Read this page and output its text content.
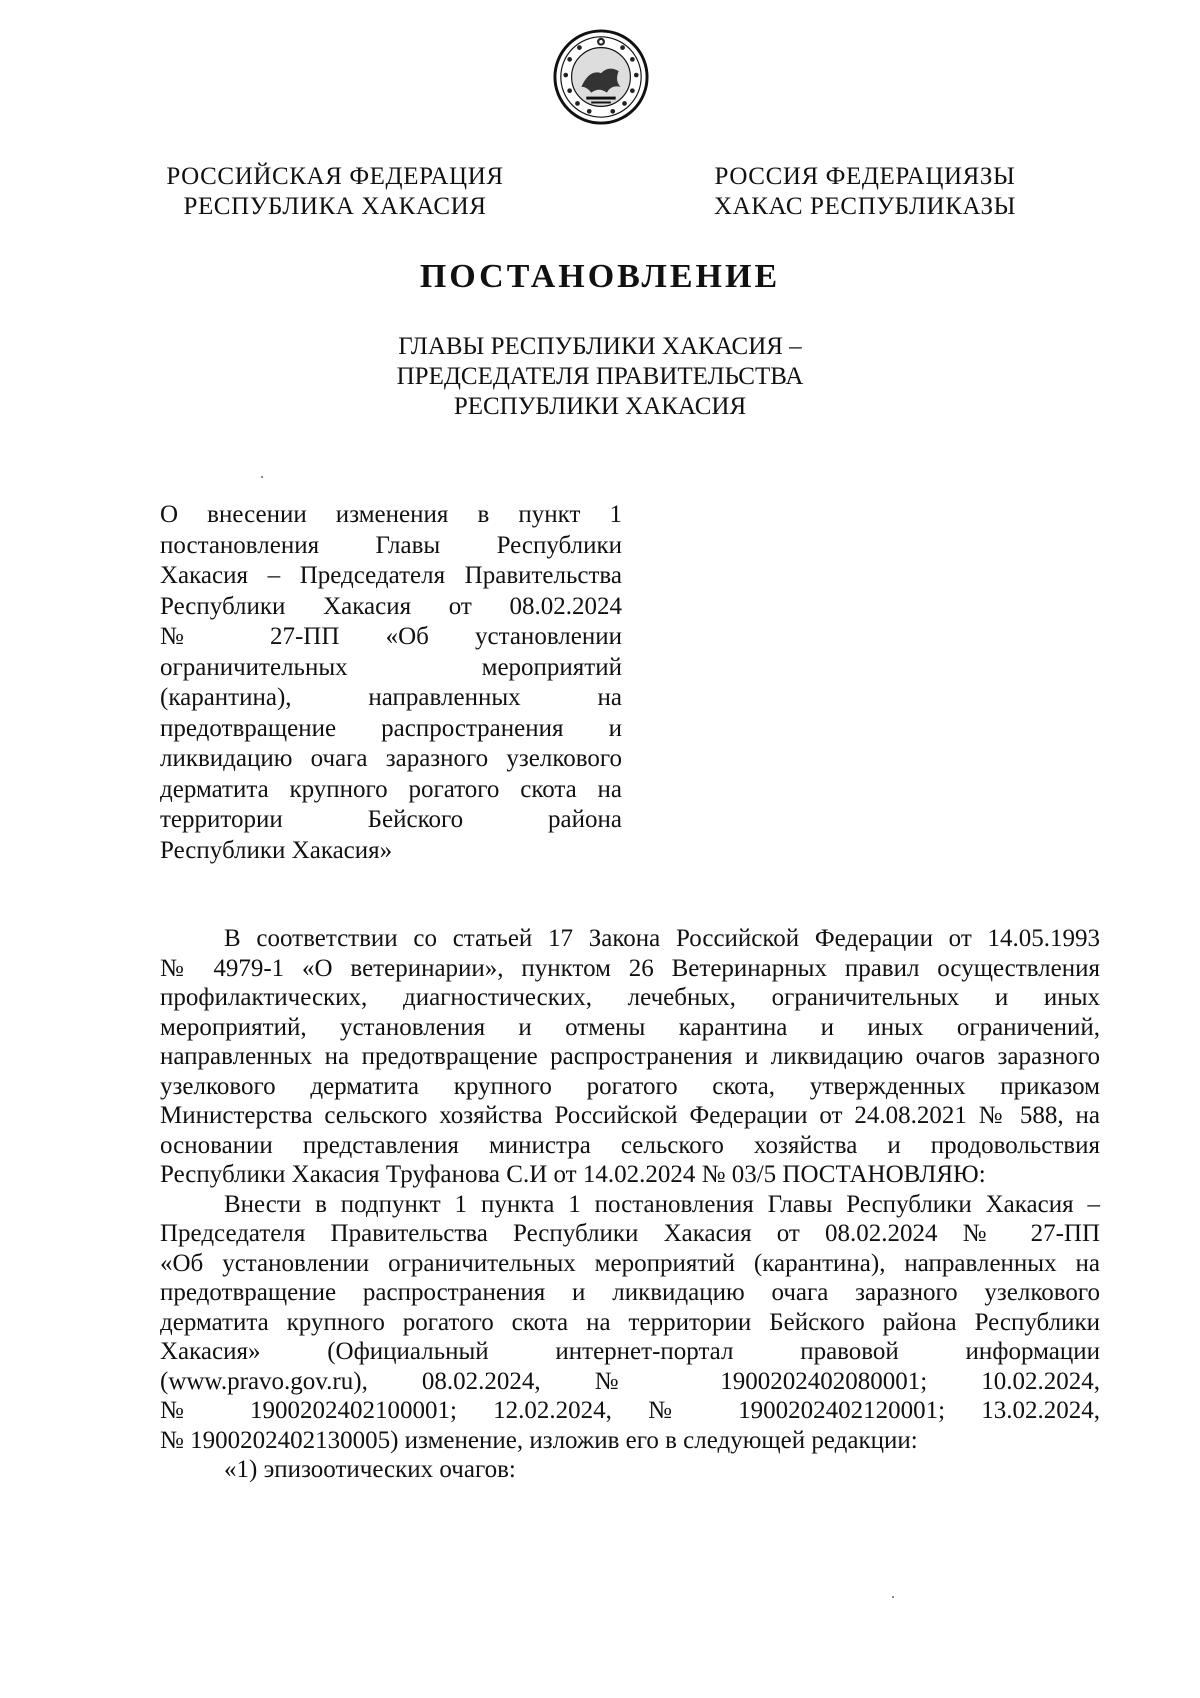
РОССИЙСКАЯ ФЕДЕРАЦИЯ
РЕСПУБЛИКА ХАКАСИЯ
РОССИЯ ФЕДЕРАЦИЯЗЫ
ХАКАС РЕСПУБЛИКАЗЫ
ПОСТАНОВЛЕНИЕ
ГЛАВЫ РЕСПУБЛИКИ ХАКАСИЯ –
ПРЕДСЕДАТЕЛЯ ПРАВИТЕЛЬСТВА
РЕСПУБЛИКИ ХАКАСИЯ
О внесении изменения в пункт 1
постановления Главы Республики
Хакасия – Председателя Правительства
Республики Хакасия от 08.02.2024
№ 27-ПП «Об установлении
ограничительных мероприятий
(карантина), направленных на
предотвращение распространения и
ликвидацию очага заразного узелкового
дерматита крупного рогатого скота на
территории Бейского района
Республики Хакасия»
В соответствии со статьей 17 Закона Российской Федерации от 14.05.1993
№ 4979-1 «О ветеринарии», пунктом 26 Ветеринарных правил осуществления
профилактических, диагностических, лечебных, ограничительных и иных
мероприятий, установления и отмены карантина и иных ограничений,
направленных на предотвращение распространения и ликвидацию очагов заразного
узелкового дерматита крупного рогатого скота, утвержденных приказом
Министерства сельского хозяйства Российской Федерации от 24.08.2021 № 588, на
основании представления министра сельского хозяйства и продовольствия
Республики Хакасия Труфанова С.И от 14.02.2024 № 03/5 ПОСТАНОВЛЯЮ:
Внести в подпункт 1 пункта 1 постановления Главы Республики Хакасия –
Председателя Правительства Республики Хакасия от 08.02.2024 № 27-ПП
«Об установлении ограничительных мероприятий (карантина), направленных на
предотвращение распространения и ликвидацию очага заразного узелкового
дерматита крупного рогатого скота на территории Бейского района Республики
Хакасия» (Официальный интернет-портал правовой информации
(www.pravo.gov.ru), 08.02.2024, № 1900202402080001; 10.02.2024,
№ 1900202402100001; 12.02.2024, № 1900202402120001; 13.02.2024,
№ 1900202402130005) изменение, изложив его в следующей редакции:
«1) эпизоотических очагов:
